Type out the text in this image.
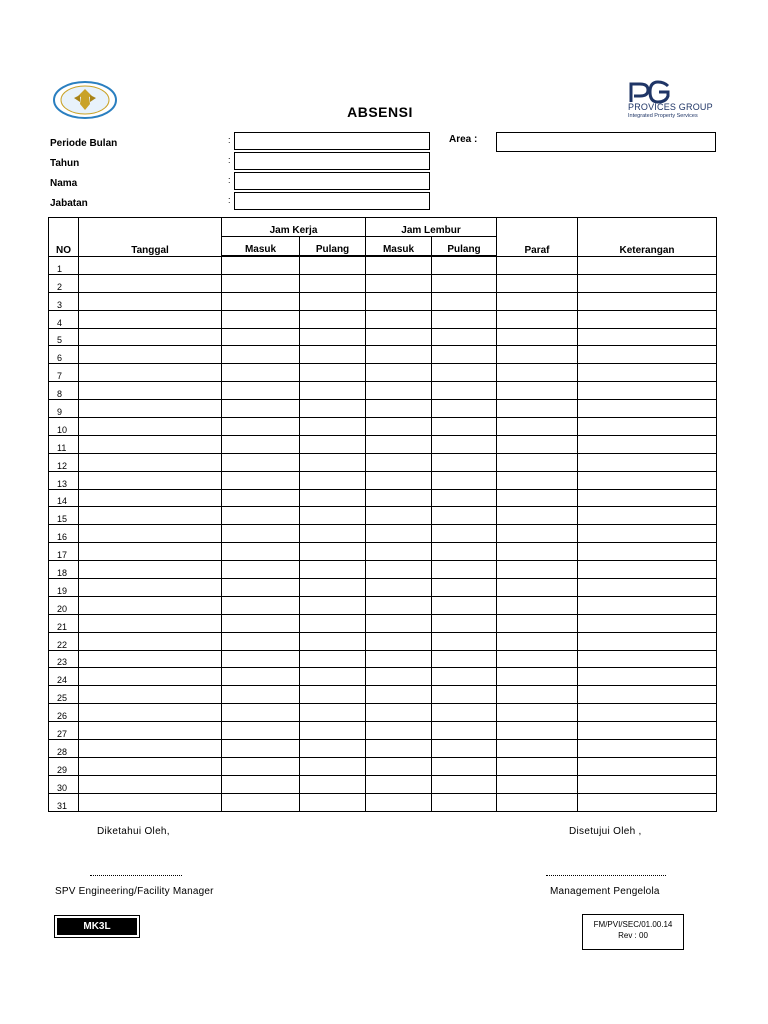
PROVICES GROUP
Integrated Property Services
ABSENSI
Periode Bulan	:
Tahun	:
Nama	:
Jabatan	:
Area :
NO	Tanggal	Jam Kerja		Jam Lembur		Paraf	Keterangan
		Masuk	Pulang	Masuk	Pulang		
1							
2							
3							
4							
5							
6							
7							
8							
9							
10							
11							
12							
13							
14							
15							
16							
17							
18							
19							
20							
21							
22							
23							
24							
25							
26							
27							
28							
29							
30							
31							
Diketahui Oleh,	Disetujui Oleh ,
SPV Engineering/Facility Manager	Management Pengelola
MK3L	FM/PVI/SEC/01.00.14
Rev : 00
